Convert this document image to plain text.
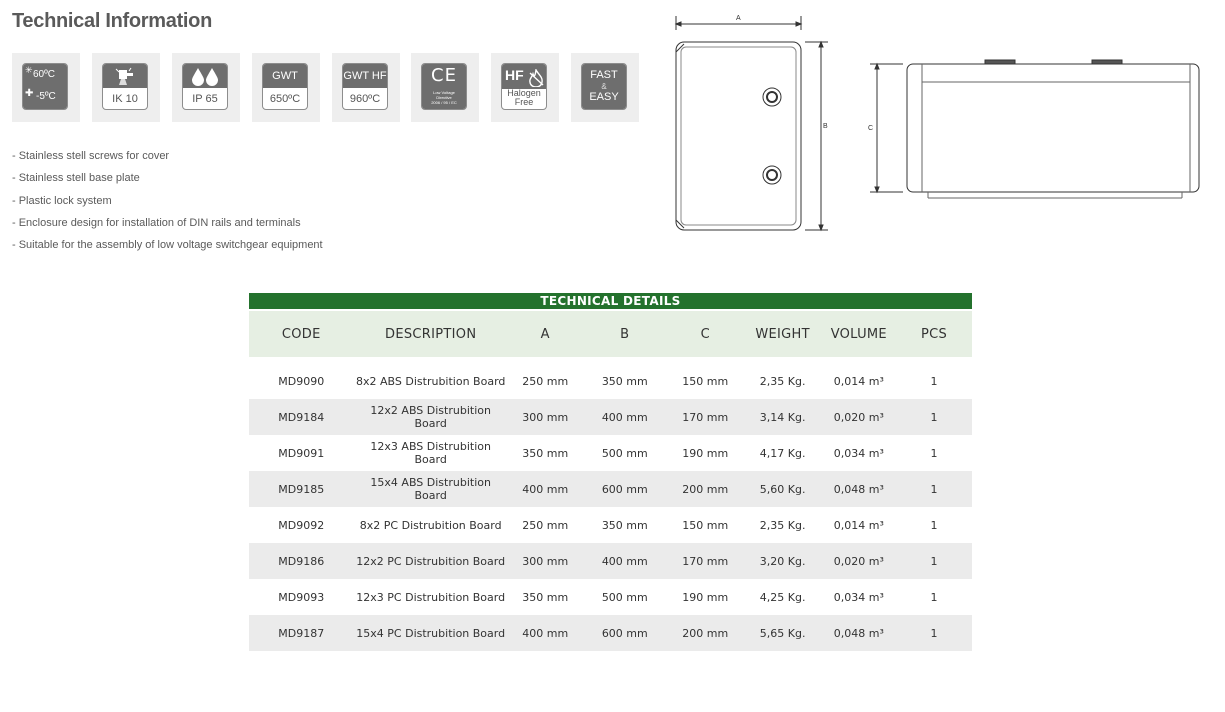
Technical Information
✳ 60ºC
✚ -5ºC	IK 10	IP 65
GWT
650ºC
GWT HF
960ºC
CE
Low Voltage
Directive
2006 / 95 / EC
HF
Halogen
Free
FAST
&
EASY
- Stainless stell screws for cover
- Stainless stell base plate
- Plastic lock system
- Enclosure design for installation of DIN rails and terminals
- Suitable for the assembly of low voltage switchgear equipment
A
B	C
TECHNICAL DETAILS							
CODE	DESCRIPTION	A	B	C	WEIGHT	VOLUME	PCS

MD9090	8x2 ABS Distrubition Board	250 mm	350 mm	150 mm	2,35 Kg.	0,014 m³	1
MD9184	12x2 ABS Distrubition Board	300 mm	400 mm	170 mm	3,14 Kg.	0,020 m³	1
MD9091	12x3 ABS Distrubition Board	350 mm	500 mm	190 mm	4,17 Kg.	0,034 m³	1
MD9185	15x4 ABS Distrubition Board	400 mm	600 mm	200 mm	5,60 Kg.	0,048 m³	1
MD9092	8x2 PC Distrubition Board	250 mm	350 mm	150 mm	2,35 Kg.	0,014 m³	1
MD9186	12x2 PC Distrubition Board	300 mm	400 mm	170 mm	3,20 Kg.	0,020 m³	1
MD9093	12x3 PC Distrubition Board	350 mm	500 mm	190 mm	4,25 Kg.	0,034 m³	1
MD9187	15x4 PC Distrubition Board	400 mm	600 mm	200 mm	5,65 Kg.	0,048 m³	1
